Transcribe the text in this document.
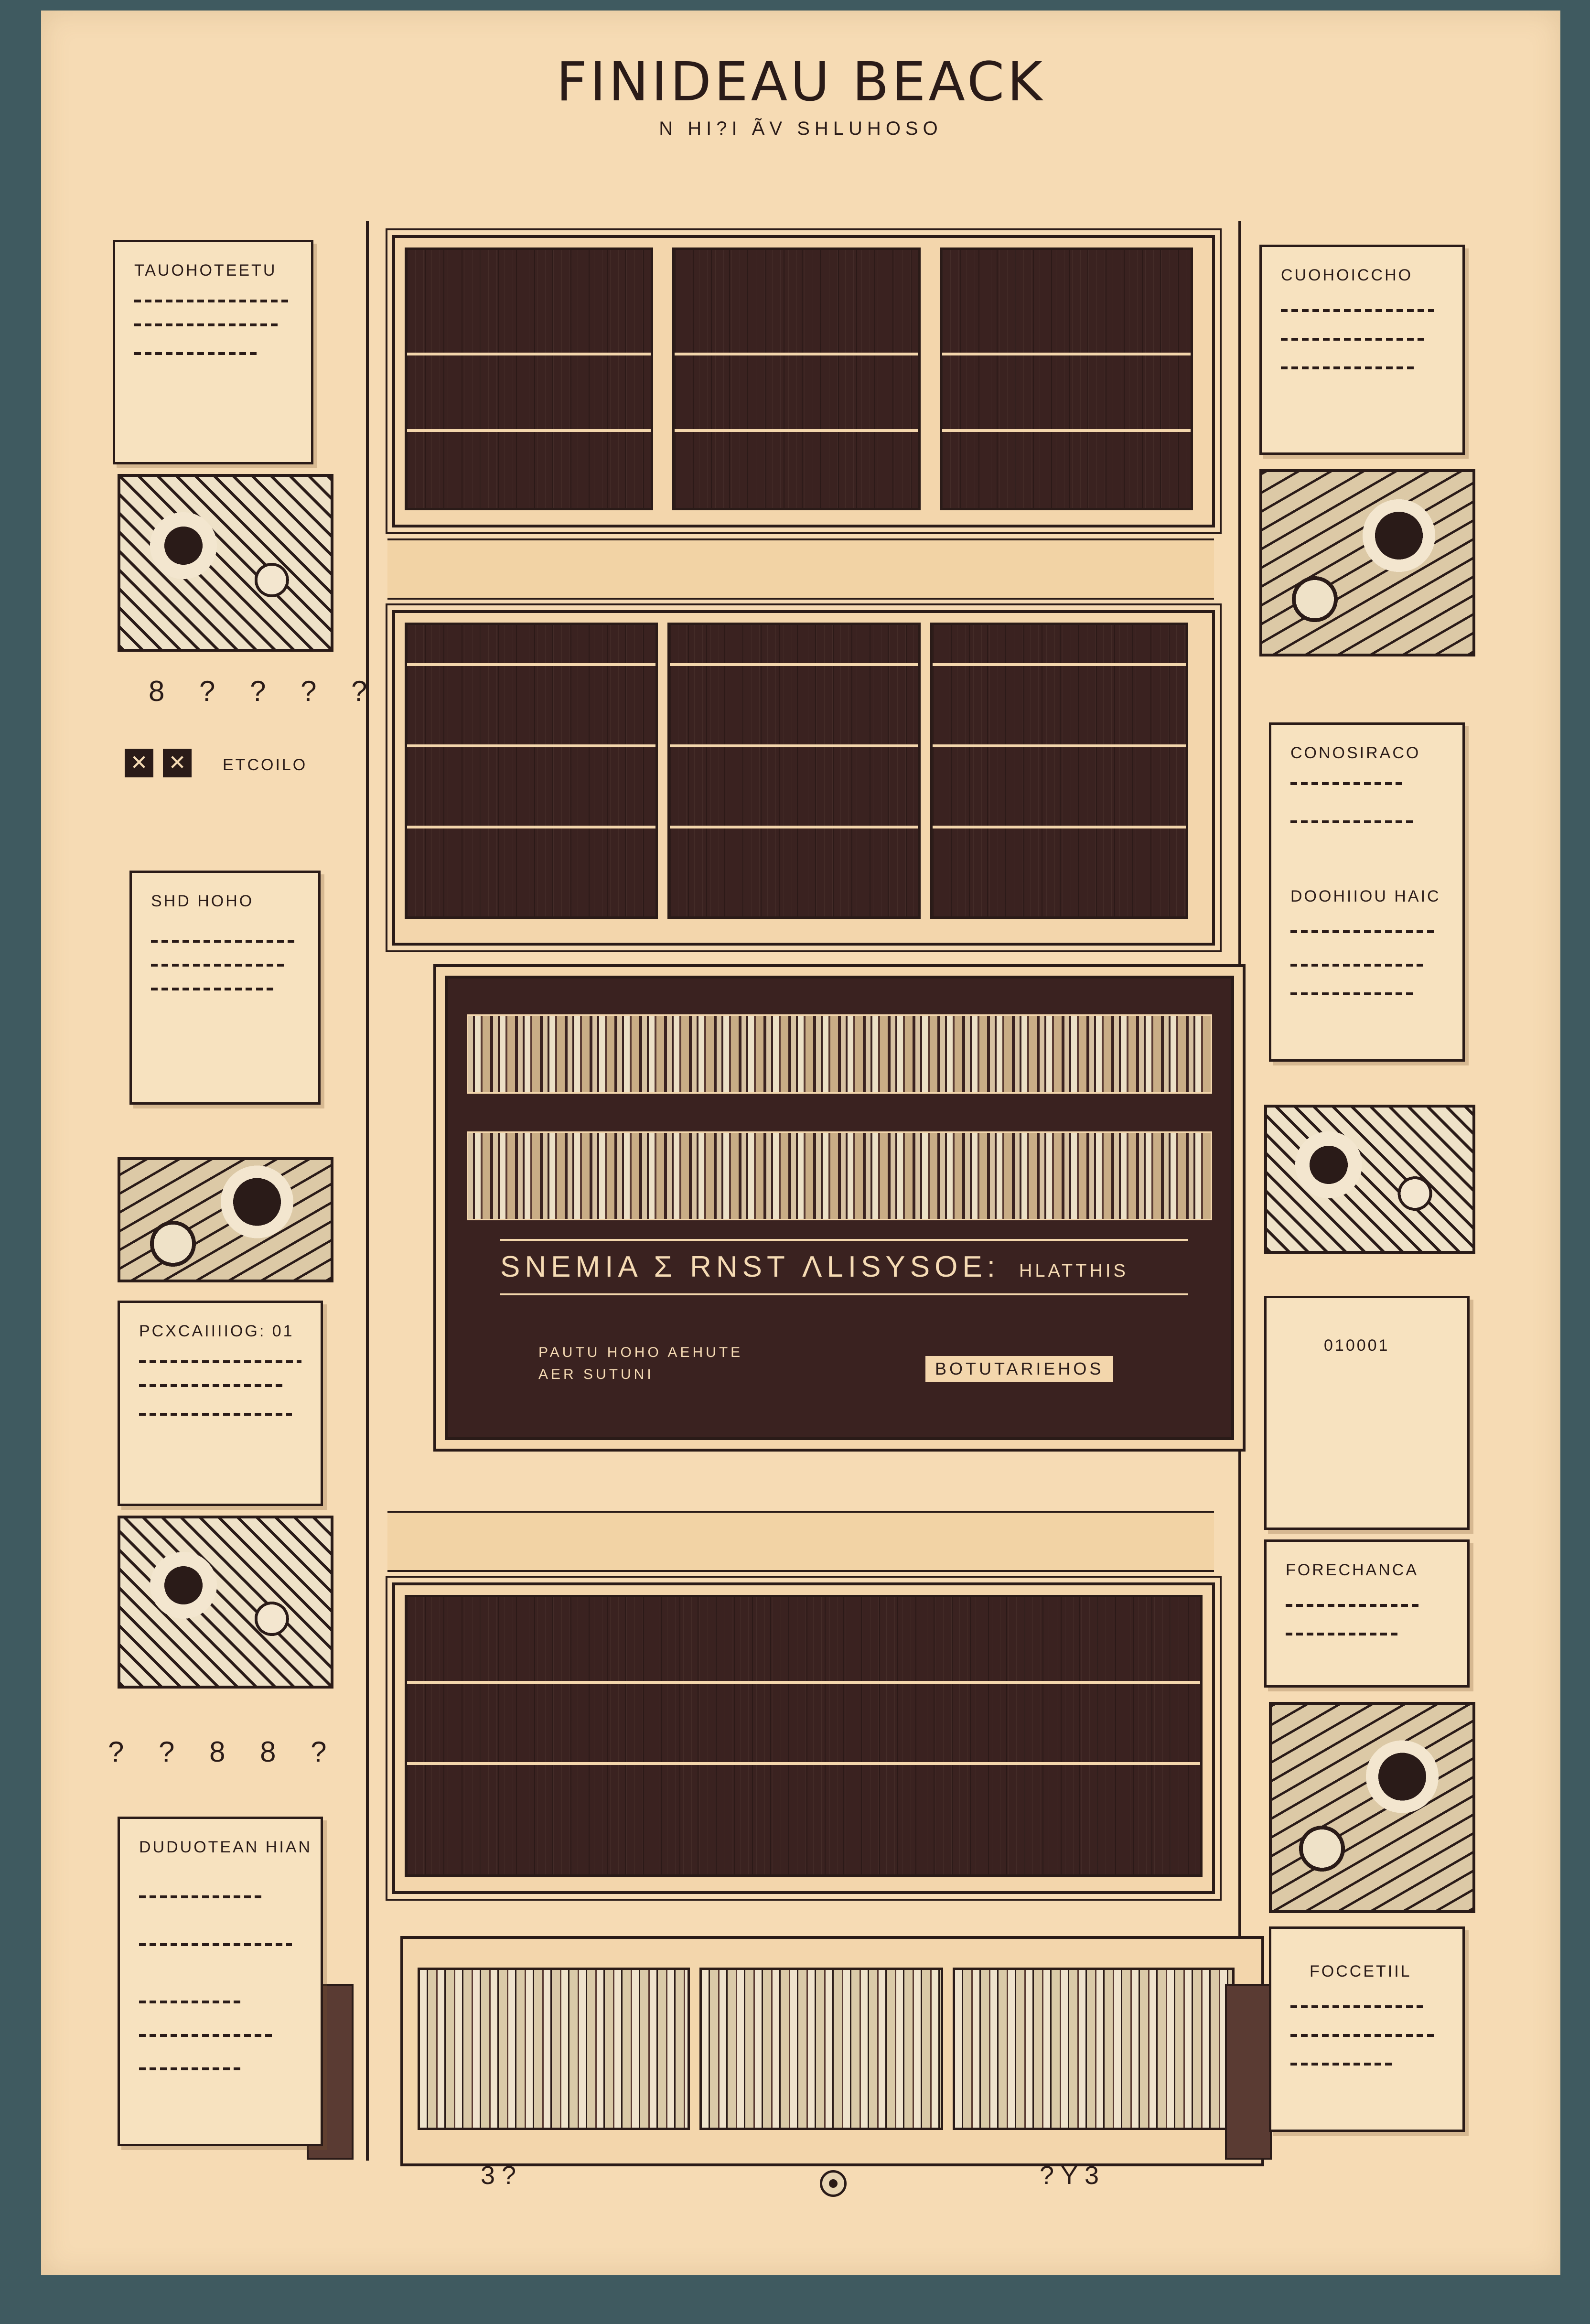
FINIDEAU BEACK
N HI?I ÃV SHLUHOSO
SNEMIA Σ RNST ΛLISYSOE: HLATTHIS
PAUTU HOHO AEHUTE
AER SUTUNI	BOTUTARIEHOS
TAUOHOTEETU
8 ? ? ? ?
✕ ✕	ETCOILO
SHD HOHO
PCXCAIIIIOG: 01
? ? 8 8 ?
DUDUOTEAN HIAN
CUOHOICCHO
CONOSIRACO
DOOHIIOU HAIC
010001
FORECHANCA
FOCCETIIL
3?	?Y3
